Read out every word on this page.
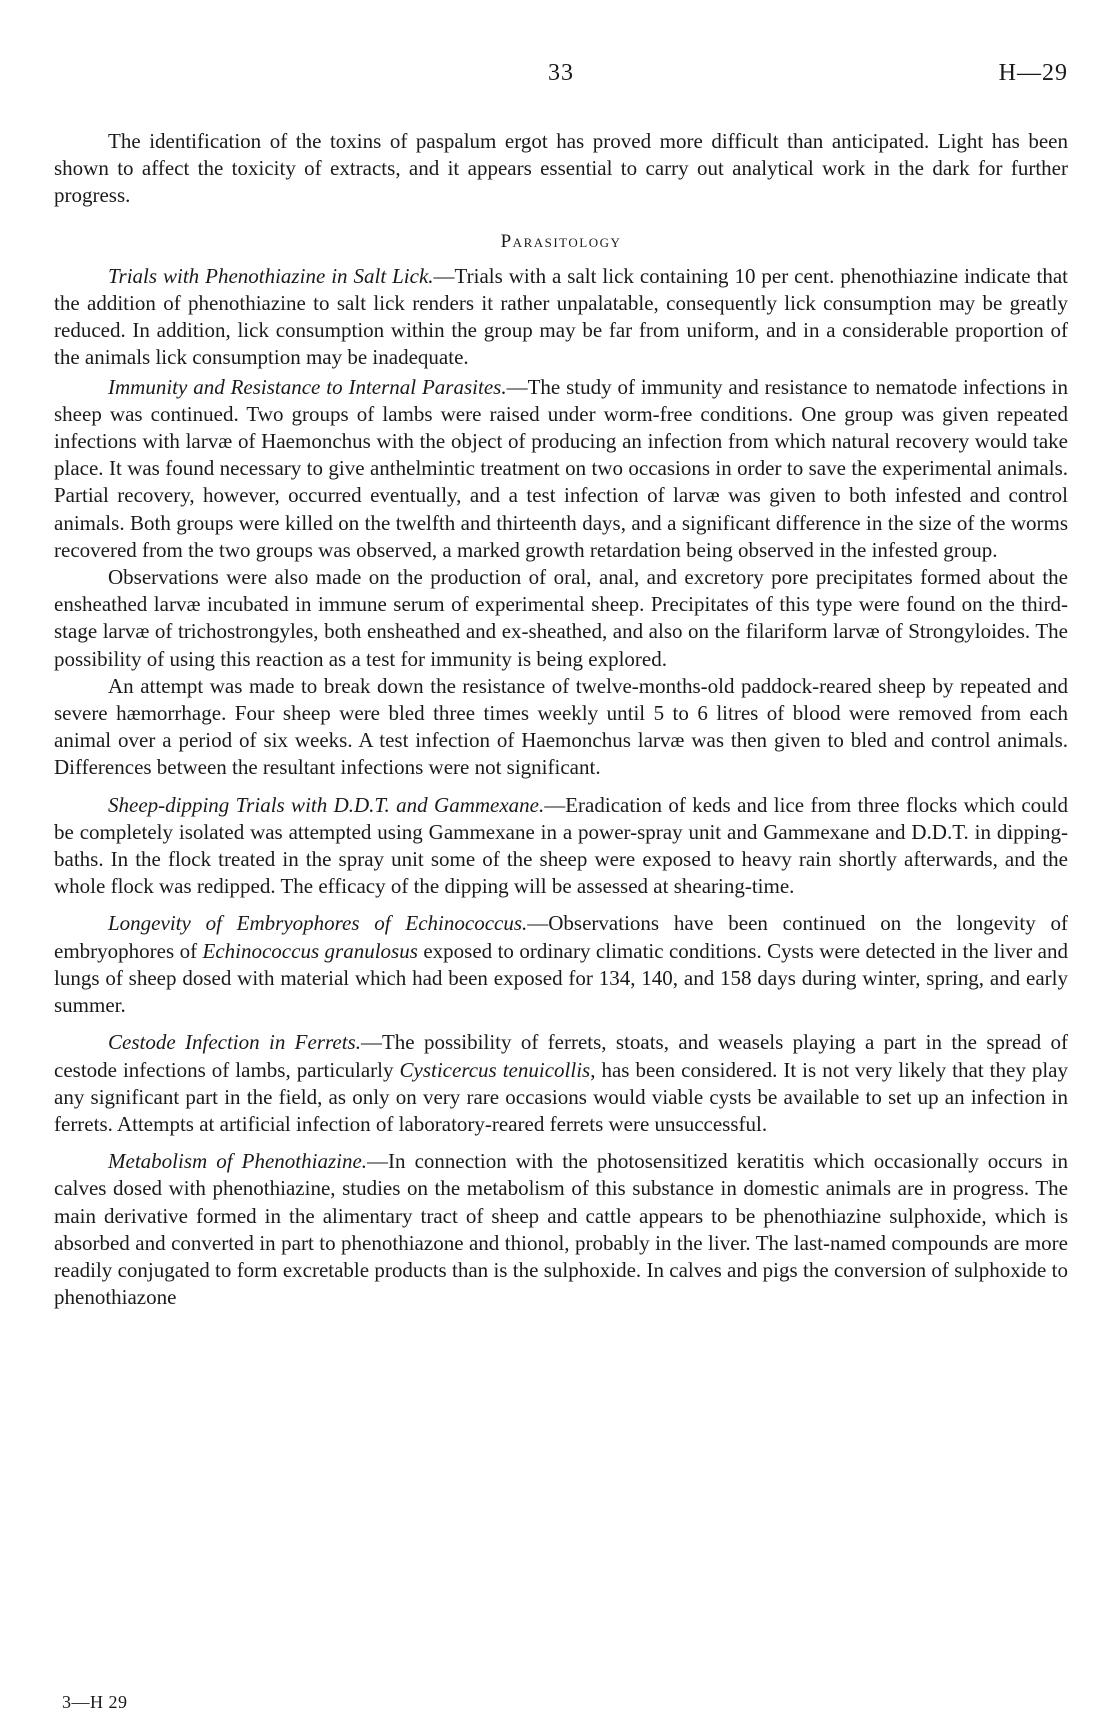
33	H—29

The identification of the toxins of paspalum ergot has proved more difficult than anticipated. Light has been shown to affect the toxicity of extracts, and it appears essential to carry out analytical work in the dark for further progress.

Parasitology

Trials with Phenothiazine in Salt Lick.—Trials with a salt lick containing 10 per cent. phenothiazine indicate that the addition of phenothiazine to salt lick renders it rather unpalatable, consequently lick consumption may be greatly reduced. In addition, lick consumption within the group may be far from uniform, and in a considerable proportion of the animals lick consumption may be inadequate.

Immunity and Resistance to Internal Parasites.—The study of immunity and resistance to nematode infections in sheep was continued. Two groups of lambs were raised under worm-free conditions. One group was given repeated infections with larvæ of Haemonchus with the object of producing an infection from which natural recovery would take place. It was found necessary to give anthelmintic treatment on two occasions in order to save the experimental animals. Partial recovery, however, occurred eventually, and a test infection of larvæ was given to both infested and control animals. Both groups were killed on the twelfth and thirteenth days, and a significant difference in the size of the worms recovered from the two groups was observed, a marked growth retardation being observed in the infested group.

Observations were also made on the production of oral, anal, and excretory pore precipitates formed about the ensheathed larvæ incubated in immune serum of experimental sheep. Precipitates of this type were found on the third-stage larvæ of trichostrongyles, both ensheathed and ex-sheathed, and also on the filariform larvæ of Strongyloides. The possibility of using this reaction as a test for immunity is being explored.

An attempt was made to break down the resistance of twelve-months-old paddock-reared sheep by repeated and severe hæmorrhage. Four sheep were bled three times weekly until 5 to 6 litres of blood were removed from each animal over a period of six weeks. A test infection of Haemonchus larvæ was then given to bled and control animals. Differences between the resultant infections were not significant.

Sheep-dipping Trials with D.D.T. and Gammexane.—Eradication of keds and lice from three flocks which could be completely isolated was attempted using Gammexane in a power-spray unit and Gammexane and D.D.T. in dipping-baths. In the flock treated in the spray unit some of the sheep were exposed to heavy rain shortly afterwards, and the whole flock was redipped. The efficacy of the dipping will be assessed at shearing-time.

Longevity of Embryophores of Echinococcus.—Observations have been continued on the longevity of embryophores of Echinococcus granulosus exposed to ordinary climatic conditions. Cysts were detected in the liver and lungs of sheep dosed with material which had been exposed for 134, 140, and 158 days during winter, spring, and early summer.

Cestode Infection in Ferrets.—The possibility of ferrets, stoats, and weasels playing a part in the spread of cestode infections of lambs, particularly Cysticercus tenuicollis, has been considered. It is not very likely that they play any significant part in the field, as only on very rare occasions would viable cysts be available to set up an infection in ferrets. Attempts at artificial infection of laboratory-reared ferrets were unsuccessful.

Metabolism of Phenothiazine.—In connection with the photosensitized keratitis which occasionally occurs in calves dosed with phenothiazine, studies on the metabolism of this substance in domestic animals are in progress. The main derivative formed in the alimentary tract of sheep and cattle appears to be phenothiazine sulphoxide, which is absorbed and converted in part to phenothiazone and thionol, probably in the liver. The last-named compounds are more readily conjugated to form excretable products than is the sulphoxide. In calves and pigs the conversion of sulphoxide to phenothiazone

3—H 29
